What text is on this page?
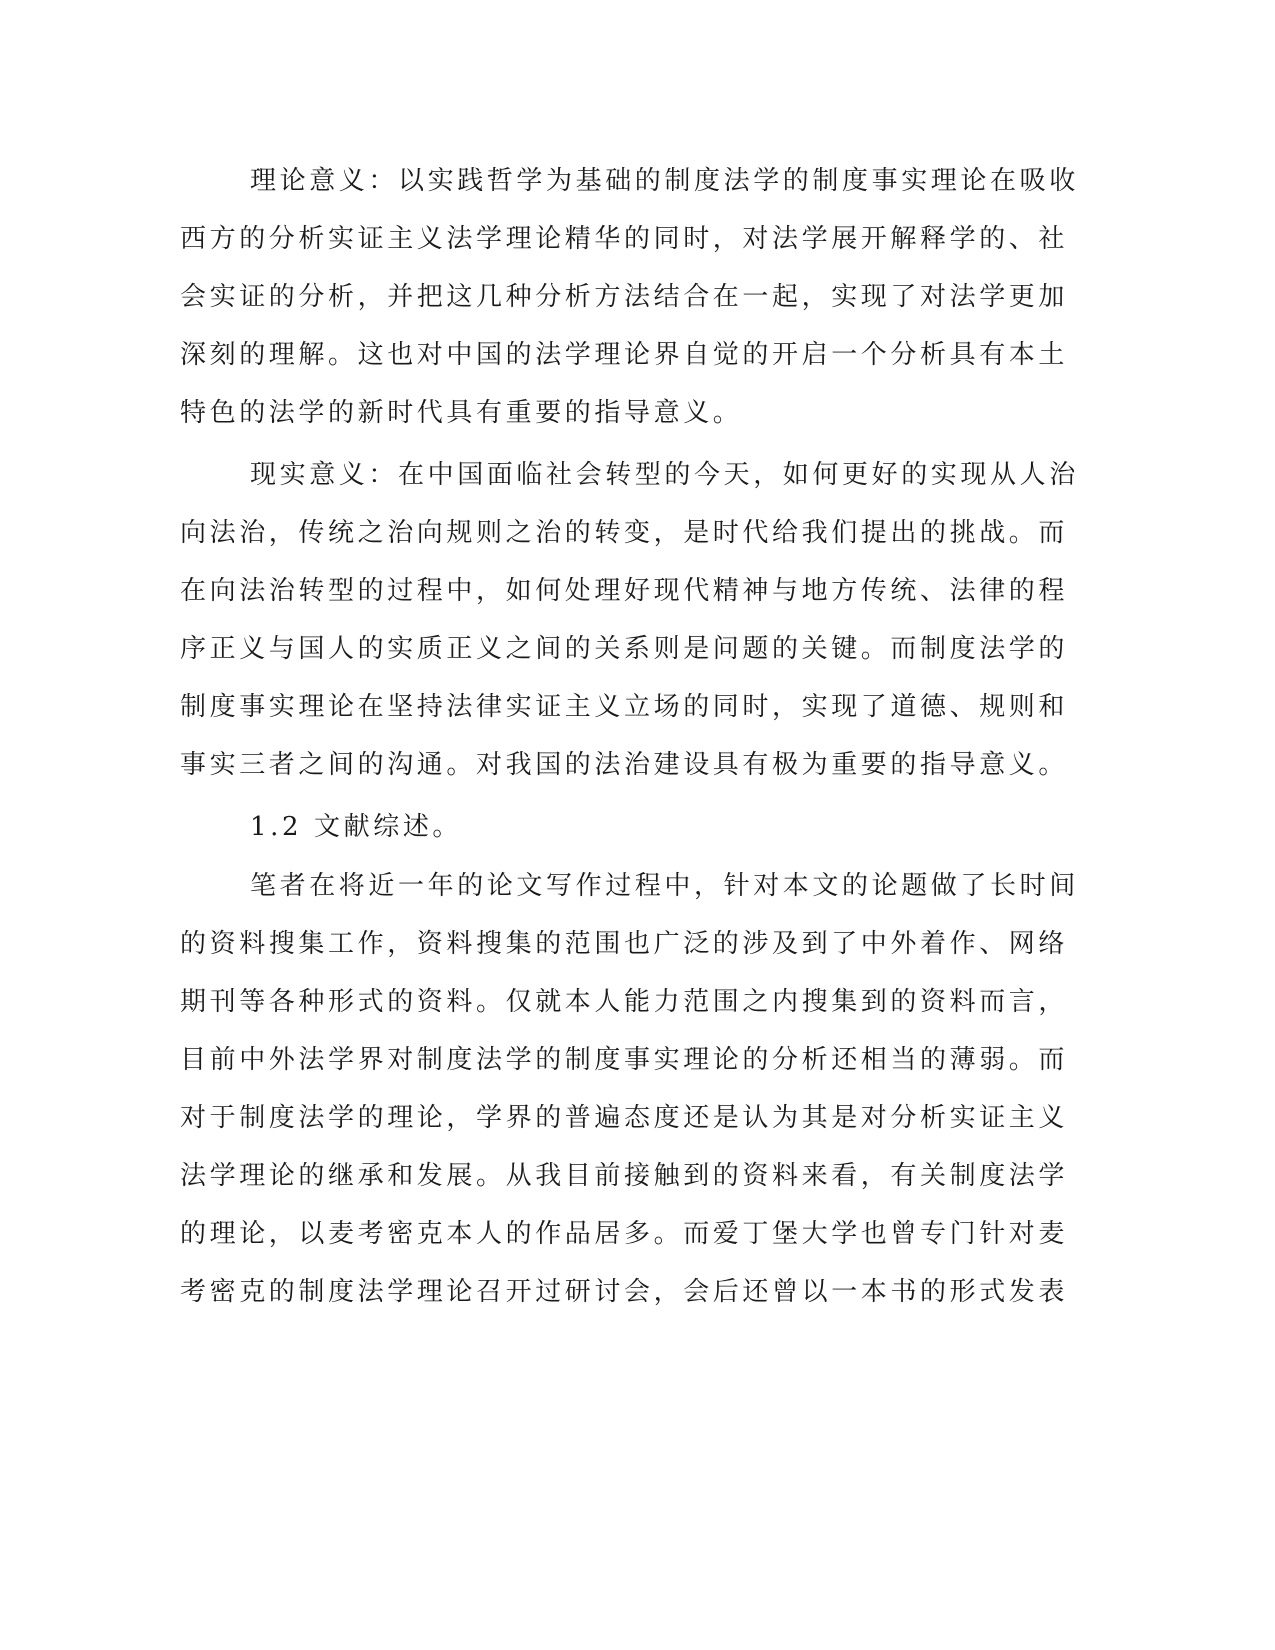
理论意义：以实践哲学为基础的制度法学的制度事实理论在吸收

西方的分析实证主义法学理论精华的同时，对法学展开解释学的、社

会实证的分析，并把这几种分析方法结合在一起，实现了对法学更加

深刻的理解。这也对中国的法学理论界自觉的开启一个分析具有本土

特色的法学的新时代具有重要的指导意义。

现实意义：在中国面临社会转型的今天，如何更好的实现从人治

向法治，传统之治向规则之治的转变，是时代给我们提出的挑战。而

在向法治转型的过程中，如何处理好现代精神与地方传统、法律的程

序正义与国人的实质正义之间的关系则是问题的关键。而制度法学的

制度事实理论在坚持法律实证主义立场的同时，实现了道德、规则和

事实三者之间的沟通。对我国的法治建设具有极为重要的指导意义。

1.2 文献综述。

笔者在将近一年的论文写作过程中，针对本文的论题做了长时间

的资料搜集工作，资料搜集的范围也广泛的涉及到了中外着作、网络

期刊等各种形式的资料。仅就本人能力范围之内搜集到的资料而言，

目前中外法学界对制度法学的制度事实理论的分析还相当的薄弱。而

对于制度法学的理论，学界的普遍态度还是认为其是对分析实证主义

法学理论的继承和发展。从我目前接触到的资料来看，有关制度法学

的理论，以麦考密克本人的作品居多。而爱丁堡大学也曾专门针对麦

考密克的制度法学理论召开过研讨会，会后还曾以一本书的形式发表
